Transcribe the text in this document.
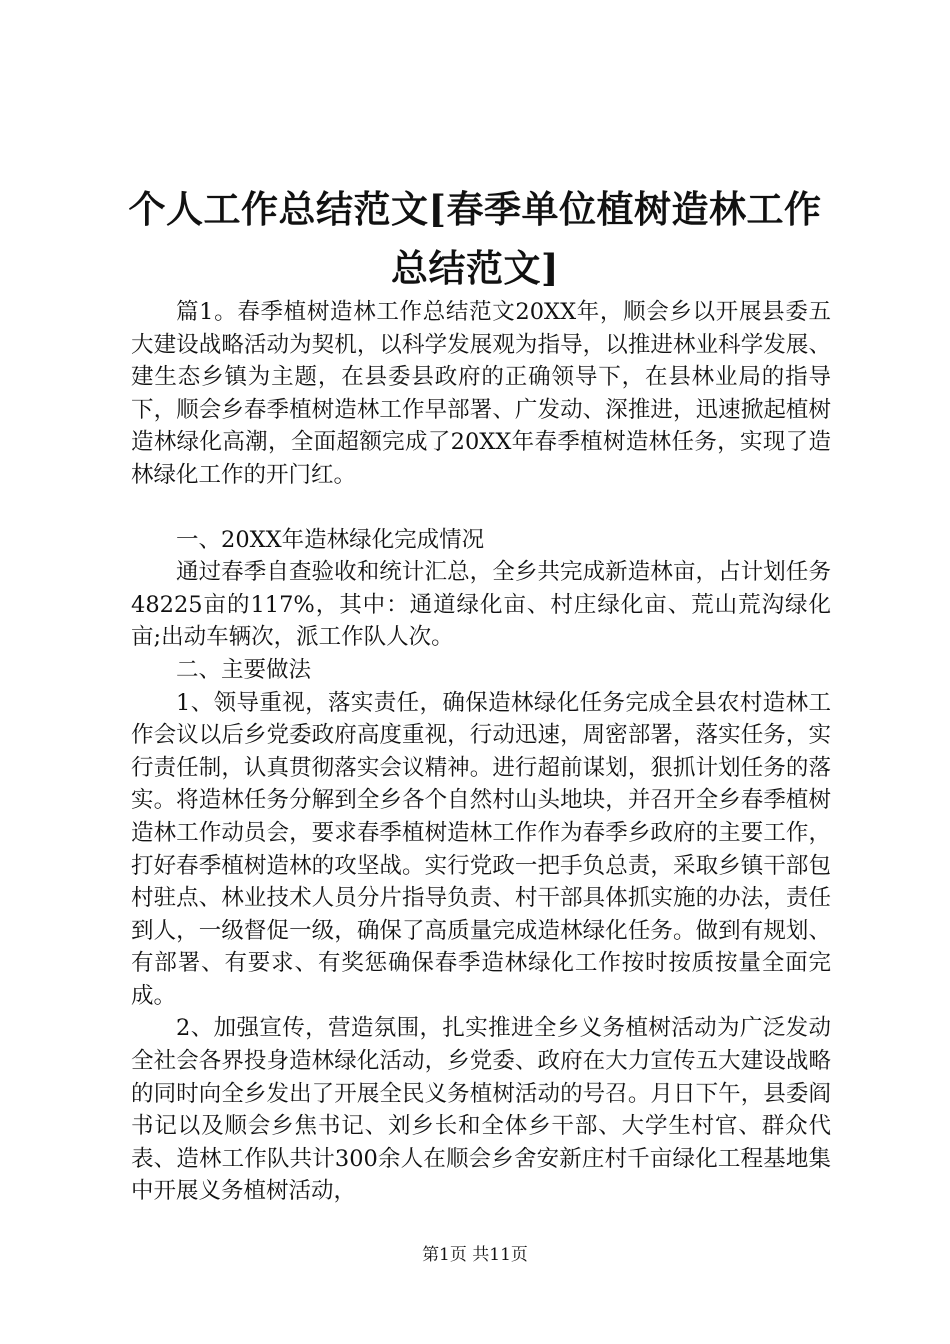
个人工作总结范文[春季单位植树造林工作总结范文]

篇1。春季植树造林工作总结范文20XX年，顺会乡以开展县委五大建设战略活动为契机，以科学发展观为指导，以推进林业科学发展、建生态乡镇为主题，在县委县政府的正确领导下，在县林业局的指导下，顺会乡春季植树造林工作早部署、广发动、深推进，迅速掀起植树造林绿化高潮，全面超额完成了20XX年春季植树造林任务，实现了造林绿化工作的开门红。

一、20XX年造林绿化完成情况

通过春季自查验收和统计汇总，全乡共完成新造林亩，占计划任务48225亩的117%，其中：通道绿化亩、村庄绿化亩、荒山荒沟绿化亩;出动车辆次，派工作队人次。

二、主要做法

1、领导重视，落实责任，确保造林绿化任务完成全县农村造林工作会议以后乡党委政府高度重视，行动迅速，周密部署，落实任务，实行责任制，认真贯彻落实会议精神。进行超前谋划，狠抓计划任务的落实。将造林任务分解到全乡各个自然村山头地块，并召开全乡春季植树造林工作动员会，要求春季植树造林工作作为春季乡政府的主要工作，打好春季植树造林的攻坚战。实行党政一把手负总责，采取乡镇干部包村驻点、林业技术人员分片指导负责、村干部具体抓实施的办法，责任到人，一级督促一级，确保了高质量完成造林绿化任务。做到有规划、有部署、有要求、有奖惩确保春季造林绿化工作按时按质按量全面完成。

2、加强宣传，营造氛围，扎实推进全乡义务植树活动为广泛发动全社会各界投身造林绿化活动，乡党委、政府在大力宣传五大建设战略的同时向全乡发出了开展全民义务植树活动的号召。月日下午，县委阎书记以及顺会乡焦书记、刘乡长和全体乡干部、大学生村官、群众代表、造林工作队共计300余人在顺会乡舍安新庄村千亩绿化工程基地集中开展义务植树活动，

第1页 共11页
